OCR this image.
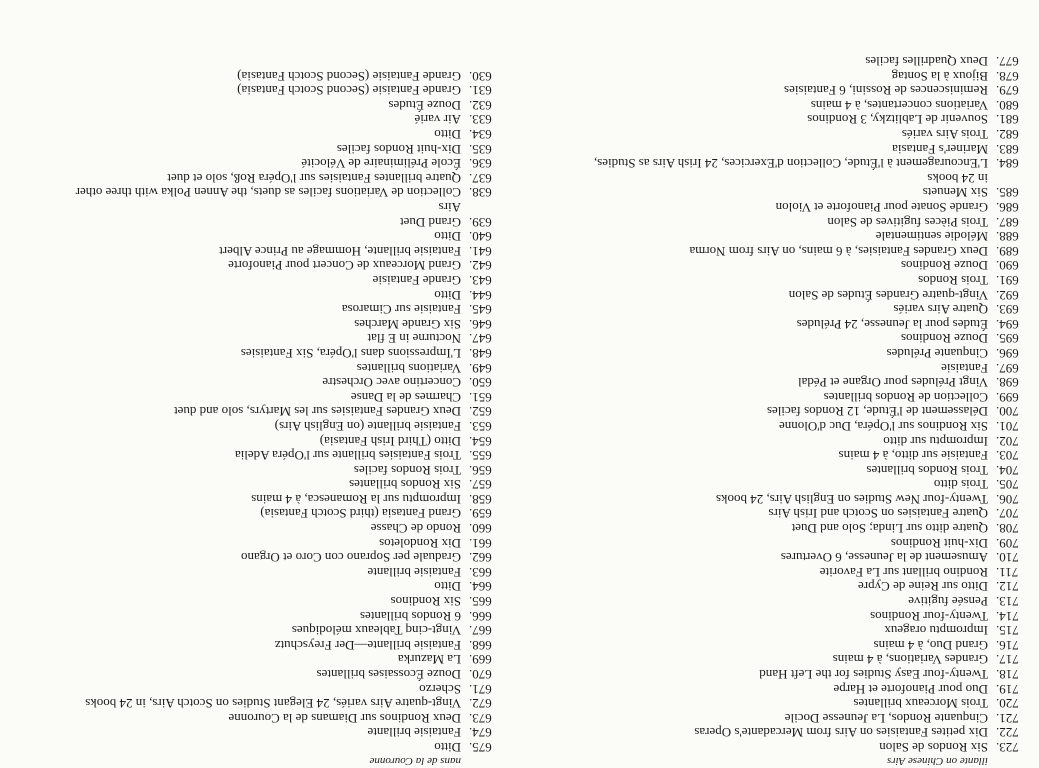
illante on Chinese Airs
723.
Six Rondos de Salon
722.
Dix petites Fantaisies on Airs from Mercadante's Operas
721.
Cinquante Rondos, La Jeunesse Docile
720.
Trois Morceaux brillantes
719.
Duo pour Pianoforte et Harpe
718.
Twenty-four Easy Studies for the Left Hand
717.
Grandes Variations, à 4 mains
716.
Grand Duo, à 4 mains
715.
Impromptu orageux
714.
Twenty-four Rondinos
713.
Pensée fugitive
712.
Ditto sur Reine de Cypre
711.
Rondino brillant sur La Favorite
710.
Amusement de la Jeunesse, 6 Overtures
709.
Dix-huit Rondinos
708.
Quatre ditto sur Linda; Solo and Duet
707.
Quatre Fantaisies on Scotch and Irish Airs
706.
Twenty-four New Studies on English Airs, 24 books
705.
Trois ditto
704.
Trois Rondos brillantes
703.
Fantaisie sur ditto, à 4 mains
702.
Impromptu sur ditto
701.
Six Rondinos sur l'Opéra, Duc d'Olonne
700.
Délassement de l'Étude, 12 Rondos faciles
699.
Collection de Rondos brillantes
698.
Vingt Préludes pour Organe et Pédal
697.
Fantaisie
696.
Cinquante Préludes
695.
Douze Rondinos
694.
Études pour la Jeunesse, 24 Préludes
693.
Quatre Airs variés
692.
Vingt-quatre Grandes Études de Salon
691.
Trois Rondos
690.
Douze Rondinos
689.
Deux Grandes Fantaisies, à 6 mains, on Airs from Norma
688.
Mélodie sentimentale
687.
Trois Pièces fugitives de Salon
686.
Grande Sonate pour Pianoforte et Violon
685.
Six Menuets
in 24 books
684.
L'Encouragement à l'Étude, Collection d'Exercices, 24 Irish Airs as Studies,
683.
Mariner's Fantasia
682.
Trois Airs variés
681.
Souvenir de Lablitzky, 3 Rondinos
680.
Variations concertantes, à 4 mains
679.
Reminiscences de Rossini, 6 Fantaisies
678.
Bijoux à la Sontag
677.
Deux Quadrilles faciles
nans de la Couronne
675.
Ditto
674.
Fantaisie brillante
673.
Deux Rondinos sur Diamans de la Couronne
672.
Vingt-quatre Airs variés, 24 Elegant Studies on Scotch Airs, in 24 books
671.
Scherzo
670.
Douze Écossaises brillantes
669.
La Mazurka
668.
Fantaisie brillante—Der Freyschutz
667.
Vingt-cinq Tableaux mélodiques
666.
6 Rondos brillantes
665.
Six Rondinos
664.
Ditto
663.
Fantaisie brillante
662.
Graduale per Soprano con Coro et Organo
661.
Dix Rondoletos
660.
Rondo de Chasse
659.
Grand Fantasia (third Scotch Fantasia)
658.
Impromptu sur la Romanesca, à 4 mains
657.
Six Rondos brillantes
656.
Trois Rondos faciles
655.
Trois Fantaisies brillante sur l'Opéra Adelia
654.
Ditto (Third Irish Fantasia)
653.
Fantaisie brillante (on English Airs)
652.
Deux Grandes Fantaisies sur les Martyrs, solo and duet
651.
Charmes de la Danse
650.
Concertino avec Orchestre
649.
Variations brillantes
648.
L'Impressions dans l'Opéra, Six Fantaisies
647.
Nocturne in E flat
646.
Six Grande Marches
645.
Fantaisie sur Cimarosa
644.
Ditto
643.
Grande Fantaisie
642.
Grand Morceaux de Concert pour Pianoforte
641.
Fantaisie brillante, Hommage au Prince Albert
640.
Ditto
639.
Grand Duet
Airs
638.
Collection de Variations faciles as duets, the Annen Polka with three other
637.
Quatre brillantes Fantaisies sur l'Opéra Roß, solo et duet
636.
École Préliminaire de Vélocité
635.
Dix-huit Rondos faciles
634.
Ditto
633.
Air varié
632.
Douze Études
631.
Grande Fantaisie (Second Scotch Fantasia)
630.
Grande Fantaisie (Second Scotch Fantasia)
